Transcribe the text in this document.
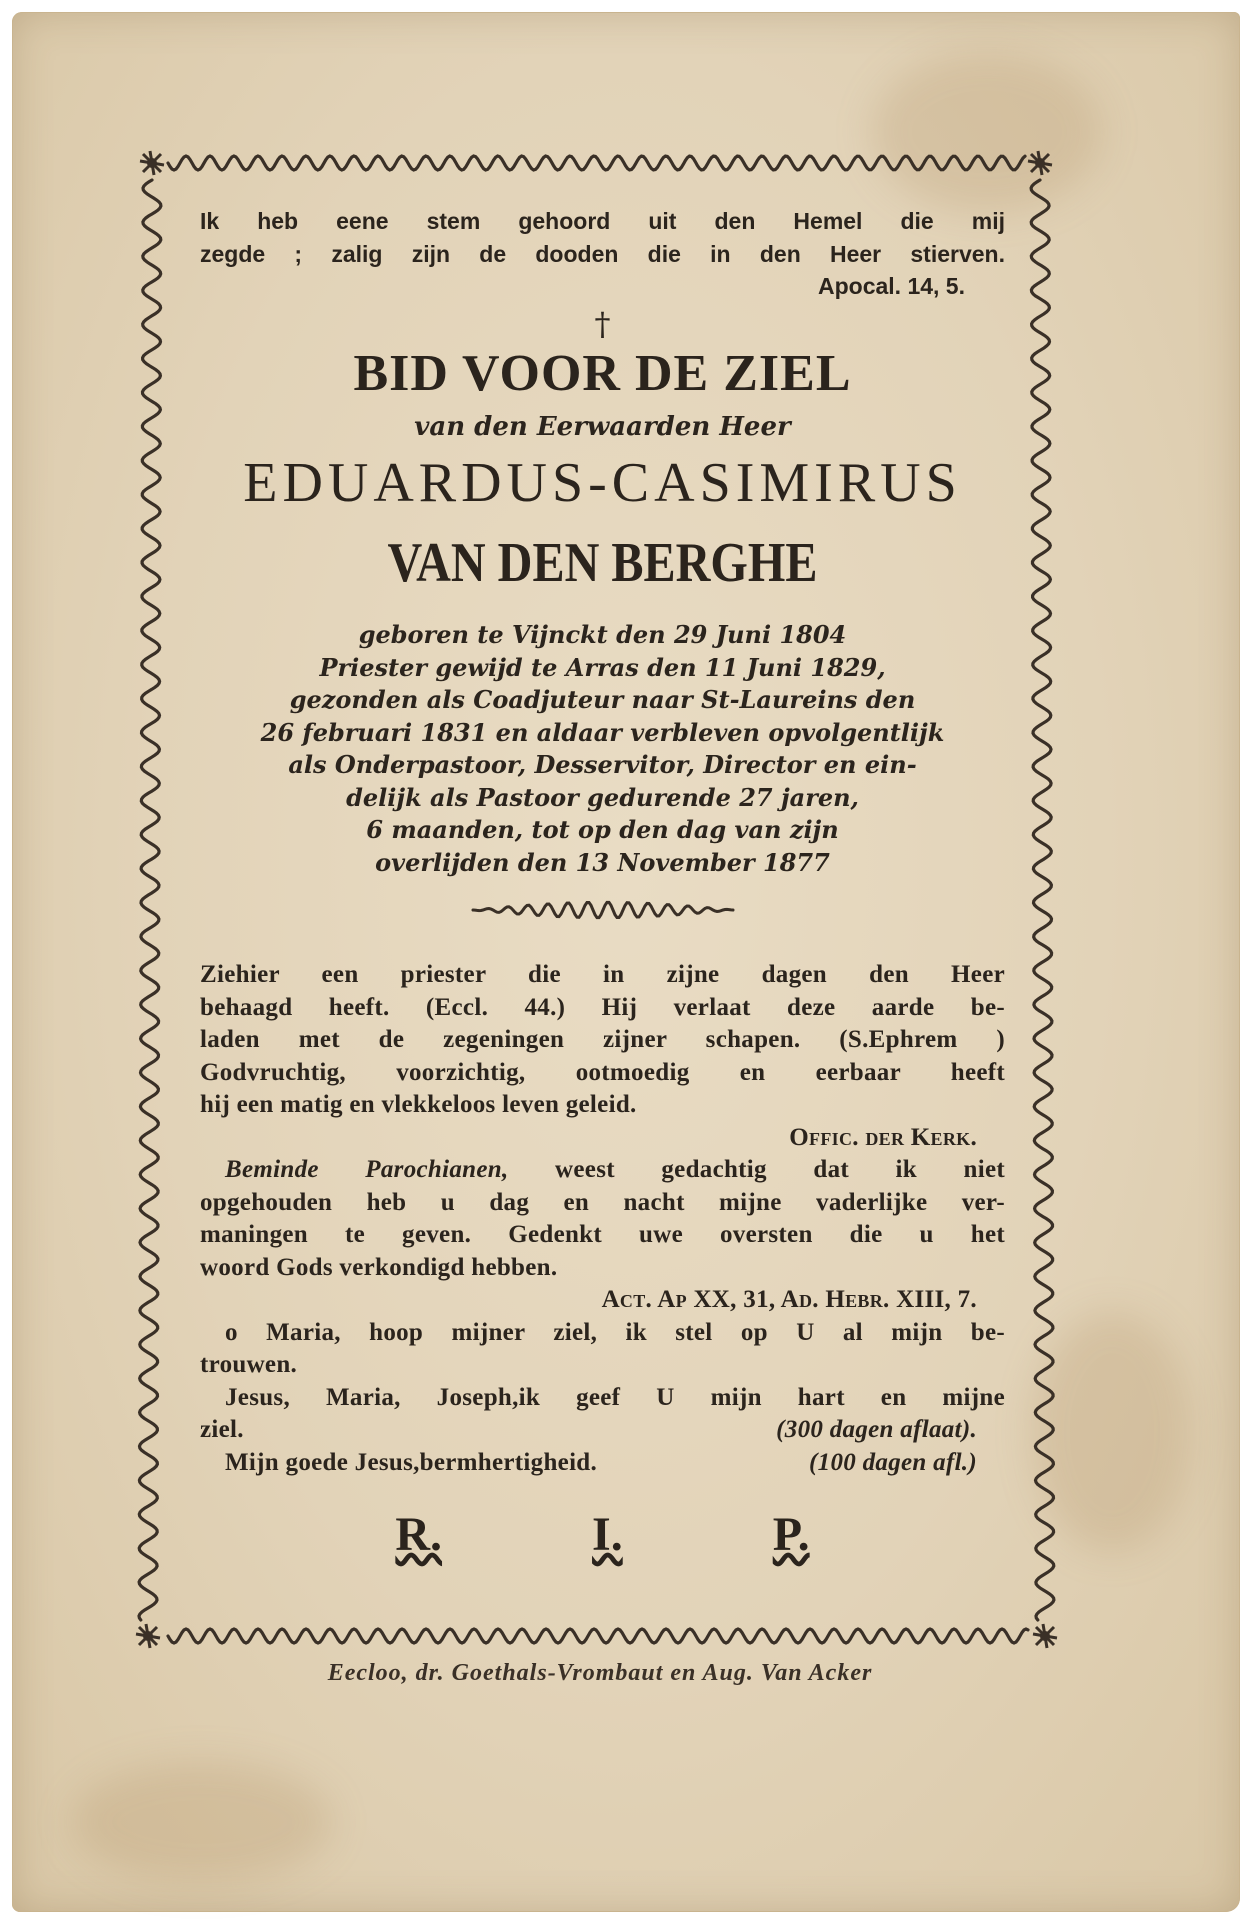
Ik heb eene stem gehoord uit den Hemel die mij

zegde ; zalig zijn de dooden die in den Heer stierven.

Apocal. 14, 5.

†
BID VOOR DE ZIEL
van den Eerwaarden Heer
EDUARDUS-CASIMIRUS
VAN DEN BERGHE
geboren te Vijnckt den 29 Juni 1804
Priester gewijd te Arras den 11 Juni 1829,
gezonden als Coadjuteur naar St-Laureins den
26 februari 1831 en aldaar verbleven opvolgentlijk
als Onderpastoor, Desservitor, Director en ein-
delijk als Pastoor gedurende 27 jaren,
6 maanden, tot op den dag van zijn
overlijden den 13 November 1877
Ziehier een priester die in zijne dagen den Heer
behaagd heeft. (Eccl. 44.) Hij verlaat deze aarde be-
laden met de zegeningen zijner schapen. (S.Ephrem )
Godvruchtig, voorzichtig, ootmoedig en eerbaar heeft
hij een matig en vlekkeloos leven geleid.
Offic. der Kerk.
Beminde Parochianen, weest gedachtig dat ik niet
opgehouden heb u dag en nacht mijne vaderlijke ver-
maningen te geven. Gedenkt uwe oversten die u het
woord Gods verkondigd hebben.
Act. Ap XX, 31, Ad. Hebr. XIII, 7.
o Maria, hoop mijner ziel, ik stel op U al mijn be-
trouwen.
Jesus, Maria, Joseph,ik geef U mijn hart en mijne
ziel.	(300 dagen aflaat).
Mijn goede Jesus,bermhertigheid.	(100 dagen afl.)
R.	I.	P.
Eecloo, dr. Goethals-Vrombaut en Aug. Van Acker
